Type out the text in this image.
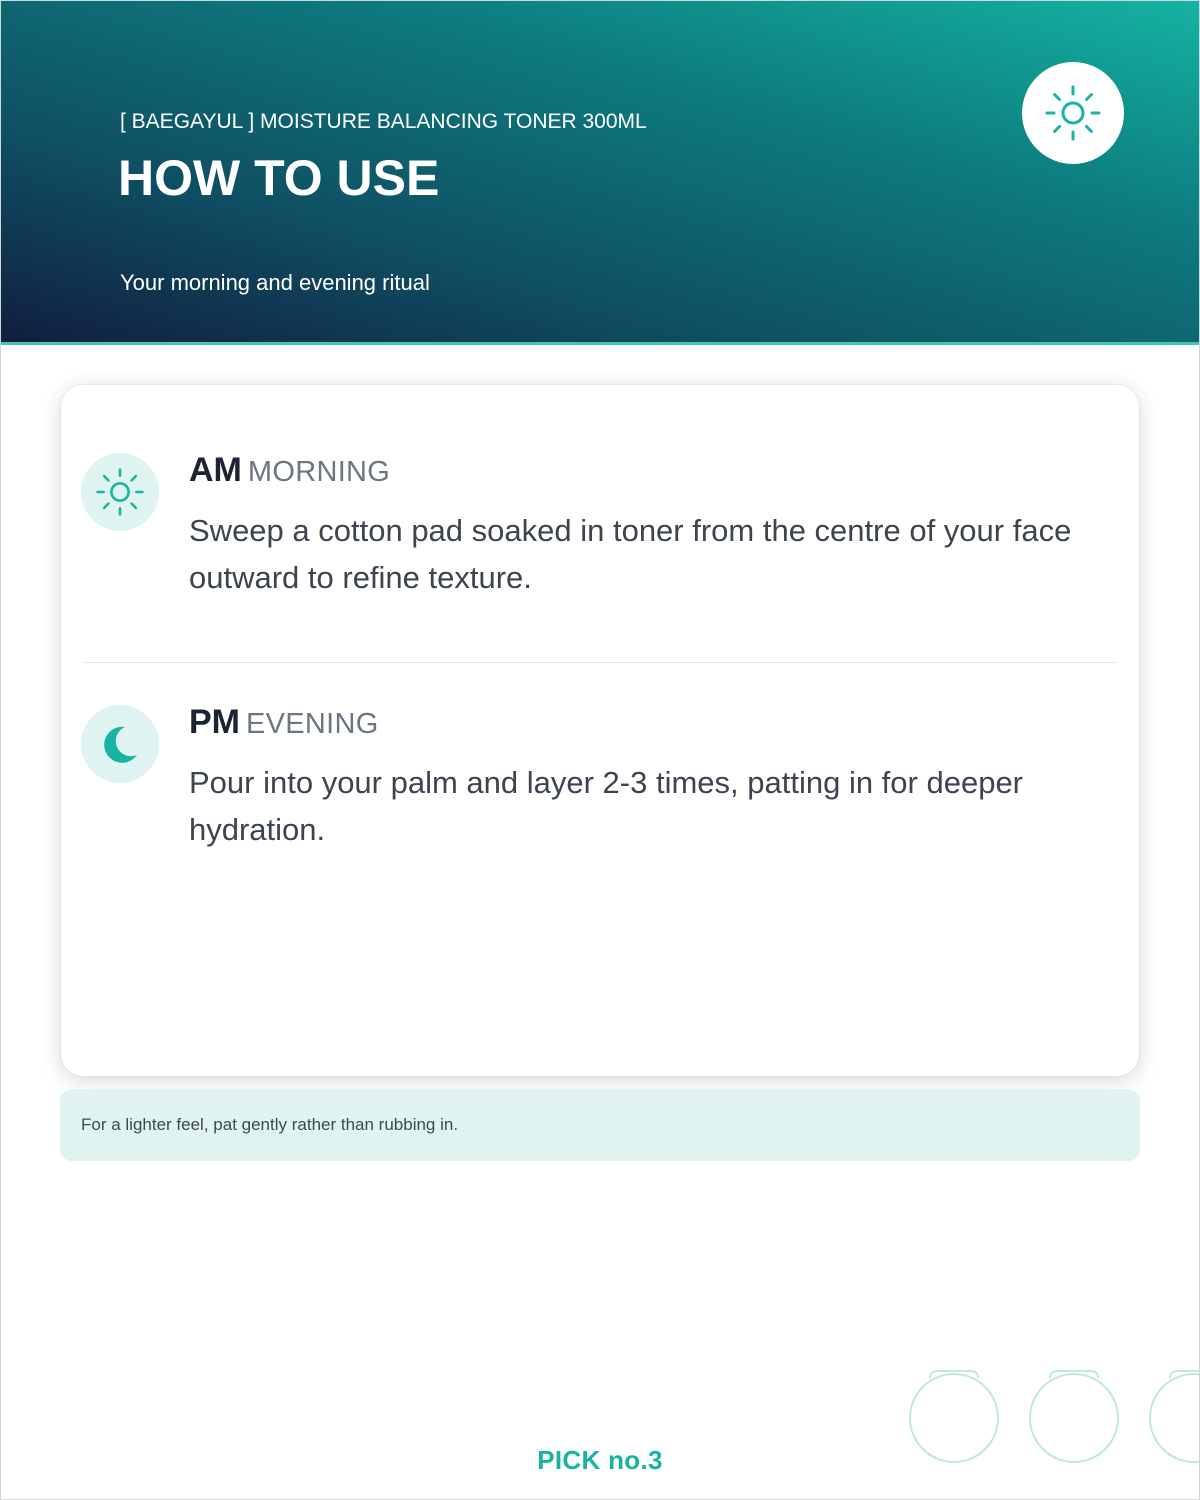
[ BAEGAYUL ] MOISTURE BALANCING TONER 300ML
HOW TO USE
Your morning and evening ritual
AM MORNING
Sweep a cotton pad soaked in toner from the centre of your face outward to refine texture.
PM EVENING
Pour into your palm and layer 2-3 times, patting in for deeper hydration.
For a lighter feel, pat gently rather than rubbing in.
PICK no.3
